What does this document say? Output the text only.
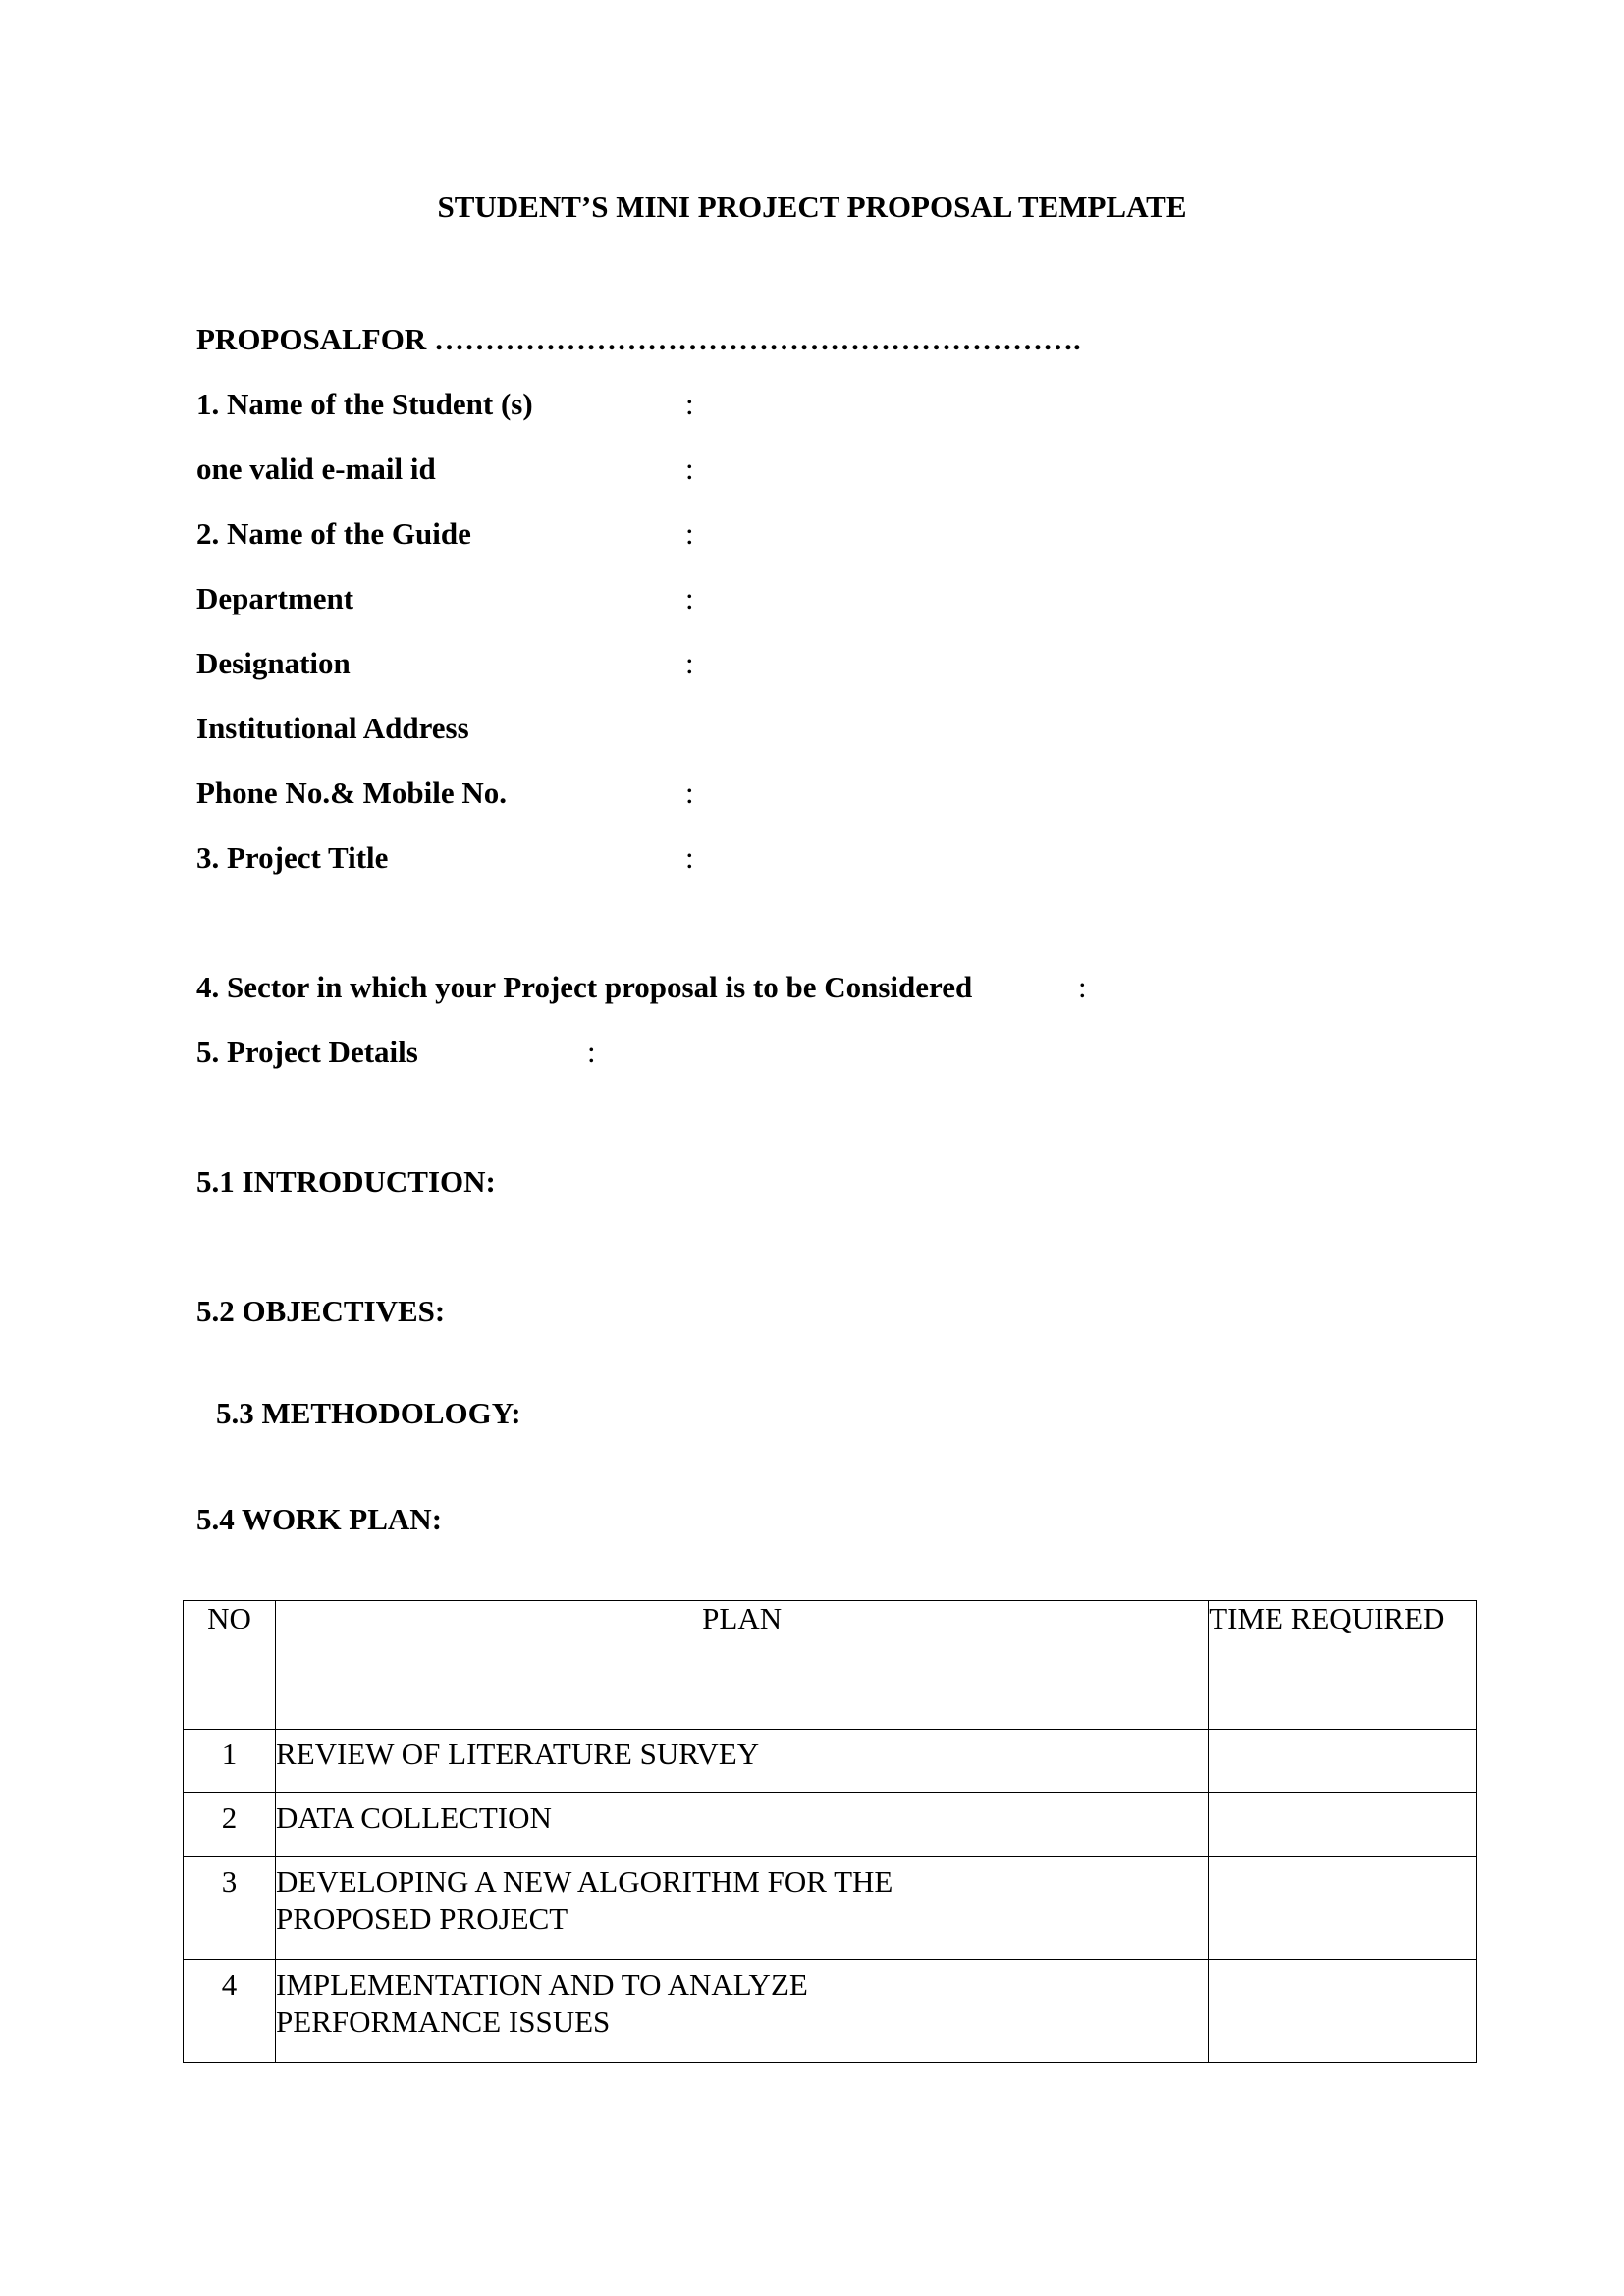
STUDENT’S MINI PROJECT PROPOSAL TEMPLATE
PROPOSALFOR ……………………………………………………….
1. Name of the Student (s)	:
one valid e-mail id	:
2. Name of the Guide	:
Department	:
Designation	:
Institutional Address
Phone No.& Mobile No.	:
3. Project Title	:
4. Sector in which your Project proposal is to be Considered	:
5. Project Details	:
5.1 INTRODUCTION:
5.2 OBJECTIVES:
5.3 METHODOLOGY:
5.4 WORK PLAN:
NO	PLAN	TIME REQUIRED
1	REVIEW OF LITERATURE SURVEY	
2	DATA COLLECTION	
3	DEVELOPING A NEW ALGORITHM FOR THE PROPOSED PROJECT	
4	IMPLEMENTATION AND TO ANALYZE PERFORMANCE ISSUES	
